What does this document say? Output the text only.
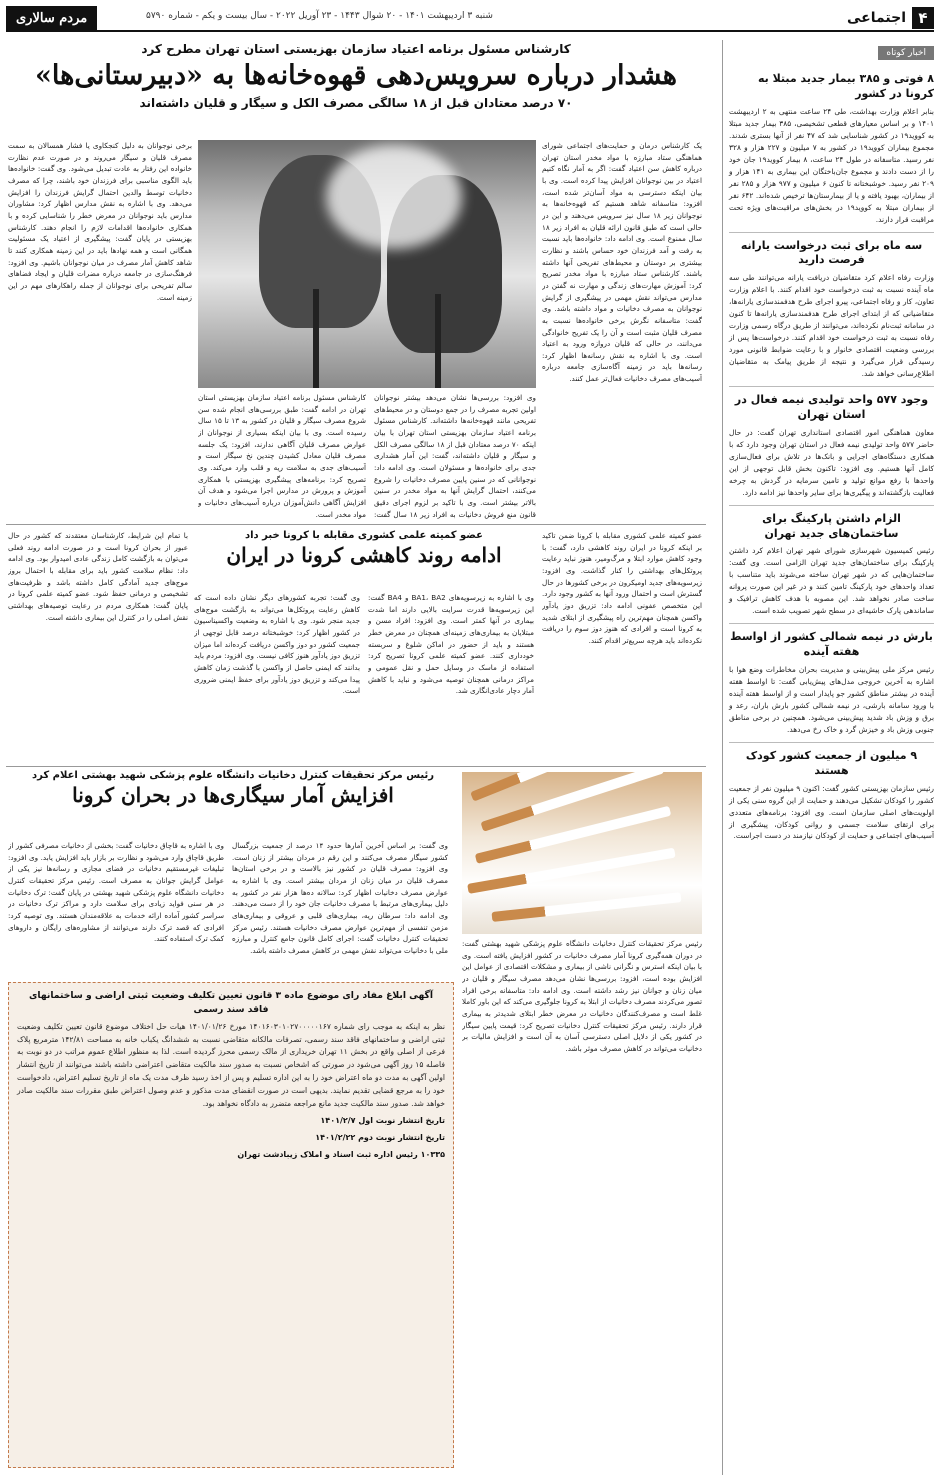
۴
اجتماعی
شنبه ۳ اردیبهشت ۱۴۰۱ - ۲۰ شوال ۱۴۴۳ - ۲۳ آوریل ۲۰۲۲ - سال بیست و یکم - شماره ۵۷۹۰
مردم سالاری
اخبار کوتاه
۸ فوتی و ۳۸۵ بیمار جدید مبتلا به کرونا در کشور

بنابر اعلام وزارت بهداشت، طی ۲۴ ساعت منتهی به ۲ اردیبهشت ۱۴۰۱ و بر اساس معیارهای قطعی تشخیصی، ۳۸۵ بیمار جدید مبتلا به کووید۱۹ در کشور شناسایی شد که ۴۷ نفر از آنها بستری شدند. مجموع بیماران کووید۱۹ در کشور به ۷ میلیون و ۲۲۷ هزار و ۳۲۸ نفر رسید. متاسفانه در طول ۲۴ ساعت، ۸ بیمار کووید۱۹ جان خود را از دست دادند و مجموع جان‌باختگان این بیماری به ۱۴۱ هزار و ۲۰۹ نفر رسید. خوشبختانه تا کنون ۶ میلیون و ۹۷۷ هزار و ۲۸۵ نفر از بیماران، بهبود یافته و یا از بیمارستان‌ها ترخیص شده‌اند. ۶۴۲ نفر از بیماران مبتلا به کووید۱۹ در بخش‌های مراقبت‌های ویژه تحت مراقبت قرار دارند.

سه ماه برای ثبت درخواست یارانه فرصت دارید

وزارت رفاه اعلام کرد متقاضیان دریافت یارانه می‌توانند طی سه ماه آینده نسبت به ثبت درخواست خود اقدام کنند. با اعلام وزارت تعاون، کار و رفاه اجتماعی، پیرو اجرای طرح هدفمندسازی یارانه‌ها، متقاضیانی که از ابتدای اجرای طرح هدفمندسازی یارانه‌ها تا کنون در سامانه ثبت‌نام نکرده‌اند، می‌توانند از طریق درگاه رسمی وزارت رفاه نسبت به ثبت درخواست خود اقدام کنند. درخواست‌ها پس از بررسی وضعیت اقتصادی خانوار و با رعایت ضوابط قانونی مورد رسیدگی قرار می‌گیرد و نتیجه از طریق پیامک به متقاضیان اطلاع‌رسانی خواهد شد.

وجود ۵۷۷ واحد تولیدی نیمه فعال در استان تهران

معاون هماهنگی امور اقتصادی استانداری تهران گفت: در حال حاضر ۵۷۷ واحد تولیدی نیمه فعال در استان تهران وجود دارد که با همکاری دستگاه‌های اجرایی و بانک‌ها در تلاش برای فعال‌سازی کامل آنها هستیم. وی افزود: تاکنون بخش قابل توجهی از این واحدها با رفع موانع تولید و تامین سرمایه در گردش به چرخه فعالیت بازگشته‌اند و پیگیری‌ها برای سایر واحدها نیز ادامه دارد.

الزام داشتن پارکینگ برای ساختمان‌های جدید تهران

رئیس کمیسیون شهرسازی شورای شهر تهران اعلام کرد داشتن پارکینگ برای ساختمان‌های جدید تهران الزامی است. وی گفت: ساختمان‌هایی که در شهر تهران ساخته می‌شوند باید متناسب با تعداد واحدهای خود پارکینگ تامین کنند و در غیر این صورت پروانه ساخت صادر نخواهد شد. این مصوبه با هدف کاهش ترافیک و ساماندهی پارک حاشیه‌ای در سطح شهر تصویب شده است.

بارش در نیمه شمالی کشور از اواسط هفته آینده

رئیس مرکز ملی پیش‌بینی و مدیریت بحران مخاطرات وضع هوا با اشاره به آخرین خروجی مدل‌های پیش‌یابی گفت: تا اواسط هفته آینده در بیشتر مناطق کشور جو پایدار است و از اواسط هفته آینده با ورود سامانه بارشی، در نیمه شمالی کشور بارش باران، رعد و برق و وزش باد شدید پیش‌بینی می‌شود. همچنین در برخی مناطق جنوبی وزش باد و خیزش گرد و خاک رخ می‌دهد.

۹ میلیون از جمعیت کشور کودک هستند

رئیس سازمان بهزیستی کشور گفت: اکنون ۹ میلیون نفر از جمعیت کشور را کودکان تشکیل می‌دهند و حمایت از این گروه سنی یکی از اولویت‌های اصلی سازمان است. وی افزود: برنامه‌های متعددی برای ارتقای سلامت جسمی و روانی کودکان، پیشگیری از آسیب‌های اجتماعی و حمایت از کودکان نیازمند در دست اجراست.

کارشناس مسئول برنامه اعتیاد سازمان بهزیستی استان تهران مطرح کرد
هشدار درباره سرویس‌دهی قهوه‌خانه‌ها به «دبیرستانی‌ها»
۷۰ درصد معتادان قبل از ۱۸ سالگی مصرف الکل و سیگار و قلیان داشته‌اند
یک کارشناس درمان و حمایت‌های اجتماعی شورای هماهنگی ستاد مبارزه با مواد مخدر استان تهران درباره کاهش سن اعتیاد گفت: اگر به آمار نگاه کنیم اعتیاد در بین نوجوانان افزایش پیدا کرده است. وی با بیان اینکه دسترسی به مواد آسان‌تر شده است، افزود: متاسفانه شاهد هستیم که قهوه‌خانه‌ها به نوجوانان زیر ۱۸ سال نیز سرویس می‌دهند و این در حالی است که طبق قانون ارائه قلیان به افراد زیر ۱۸ سال ممنوع است. وی ادامه داد: خانواده‌ها باید نسبت به رفت و آمد فرزندان خود حساس باشند و نظارت بیشتری بر دوستان و محیط‌های تفریحی آنها داشته باشند. کارشناس ستاد مبارزه با مواد مخدر تصریح کرد: آموزش مهارت‌های زندگی و مهارت نه گفتن در مدارس می‌تواند نقش مهمی در پیشگیری از گرایش نوجوانان به مصرف دخانیات و مواد داشته باشد. وی گفت: متاسفانه نگرش برخی خانواده‌ها نسبت به مصرف قلیان مثبت است و آن را یک تفریح خانوادگی می‌دانند، در حالی که قلیان دروازه ورود به اعتیاد است. وی با اشاره به نقش رسانه‌ها اظهار کرد: رسانه‌ها باید در زمینه آگاه‌سازی جامعه درباره آسیب‌های مصرف دخانیات فعال‌تر عمل کنند.
وی افزود: بررسی‌ها نشان می‌دهد بیشتر نوجوانان اولین تجربه مصرف را در جمع دوستان و در محیط‌های تفریحی مانند قهوه‌خانه‌ها داشته‌اند. کارشناس مسئول برنامه اعتیاد سازمان بهزیستی استان تهران با بیان اینکه ۷۰ درصد معتادان قبل از ۱۸ سالگی مصرف الکل و سیگار و قلیان داشته‌اند، گفت: این آمار هشداری جدی برای خانواده‌ها و مسئولان است. وی ادامه داد: نوجوانانی که در سنین پایین مصرف دخانیات را شروع می‌کنند، احتمال گرایش آنها به مواد مخدر در سنین بالاتر بیشتر است. وی با تاکید بر لزوم اجرای دقیق قانون منع فروش دخانیات به افراد زیر ۱۸ سال گفت:
کارشناس مسئول برنامه اعتیاد سازمان بهزیستی استان تهران در ادامه گفت: طبق بررسی‌های انجام شده سن شروع مصرف سیگار و قلیان در کشور به ۱۳ تا ۱۵ سال رسیده است. وی با بیان اینکه بسیاری از نوجوانان از عوارض مصرف قلیان آگاهی ندارند، افزود: یک جلسه مصرف قلیان معادل کشیدن چندین نخ سیگار است و آسیب‌های جدی به سلامت ریه و قلب وارد می‌کند. وی تصریح کرد: برنامه‌های پیشگیری بهزیستی با همکاری آموزش و پرورش در مدارس اجرا می‌شود و هدف آن افزایش آگاهی دانش‌آموزان درباره آسیب‌های دخانیات و مواد مخدر است.
برخی نوجوانان به دلیل کنجکاوی یا فشار همسالان به سمت مصرف قلیان و سیگار می‌روند و در صورت عدم نظارت خانواده این رفتار به عادت تبدیل می‌شود. وی گفت: خانواده‌ها باید الگوی مناسبی برای فرزندان خود باشند، چرا که مصرف دخانیات توسط والدین احتمال گرایش فرزندان را افزایش می‌دهد. وی با اشاره به نقش مدارس اظهار کرد: مشاوران مدارس باید نوجوانان در معرض خطر را شناسایی کرده و با همکاری خانواده‌ها اقدامات لازم را انجام دهند. کارشناس بهزیستی در پایان گفت: پیشگیری از اعتیاد یک مسئولیت همگانی است و همه نهادها باید در این زمینه همکاری کنند تا شاهد کاهش آمار مصرف در میان نوجوانان باشیم. وی افزود: فرهنگ‌سازی در جامعه درباره مضرات قلیان و ایجاد فضاهای سالم تفریحی برای نوجوانان از جمله راهکارهای مهم در این زمینه است.
عضو کمیته علمی کشوری مقابله با کرونا ضمن تاکید بر اینکه کرونا در ایران روند کاهشی دارد، گفت: با وجود کاهش موارد ابتلا و مرگ‌ومیر، هنوز نباید رعایت پروتکل‌های بهداشتی را کنار گذاشت. وی افزود: زیرسویه‌های جدید اومیکرون در برخی کشورها در حال گسترش است و احتمال ورود آنها به کشور وجود دارد. این متخصص عفونی ادامه داد: تزریق دوز یادآور واکسن همچنان مهم‌ترین راه پیشگیری از ابتلای شدید به کرونا است و افرادی که هنوز دوز سوم را دریافت نکرده‌اند باید هرچه سریع‌تر اقدام کنند.
عضو کمیته علمی کشوری مقابله با کرونا خبر داد
ادامه روند کاهشی کرونا در ایران
وی با اشاره به زیرسویه‌های BA1، BA2 و BA4 گفت: این زیرسویه‌ها قدرت سرایت بالایی دارند اما شدت بیماری در آنها کمتر است. وی افزود: افراد مسن و مبتلایان به بیماری‌های زمینه‌ای همچنان در معرض خطر هستند و باید از حضور در اماکن شلوغ و سربسته خودداری کنند. عضو کمیته علمی کرونا تصریح کرد: استفاده از ماسک در وسایل حمل و نقل عمومی و مراکز درمانی همچنان توصیه می‌شود و نباید با کاهش آمار دچار عادی‌انگاری شد.
وی گفت: تجربه کشورهای دیگر نشان داده است که کاهش رعایت پروتکل‌ها می‌تواند به بازگشت موج‌های جدید منجر شود. وی با اشاره به وضعیت واکسیناسیون در کشور اظهار کرد: خوشبختانه درصد قابل توجهی از جمعیت کشور دو دوز واکسن دریافت کرده‌اند اما میزان تزریق دوز یادآور هنوز کافی نیست. وی افزود: مردم باید بدانند که ایمنی حاصل از واکسن با گذشت زمان کاهش پیدا می‌کند و تزریق دوز یادآور برای حفظ ایمنی ضروری است.
با تمام این شرایط، کارشناسان معتقدند که کشور در حال عبور از بحران کرونا است و در صورت ادامه روند فعلی می‌توان به بازگشت کامل زندگی عادی امیدوار بود. وی ادامه داد: نظام سلامت کشور باید برای مقابله با احتمال بروز موج‌های جدید آمادگی کامل داشته باشد و ظرفیت‌های تشخیصی و درمانی حفظ شود. عضو کمیته علمی کرونا در پایان گفت: همکاری مردم در رعایت توصیه‌های بهداشتی نقش اصلی را در کنترل این بیماری داشته است.
رئیس مرکز تحقیقات کنترل دخانیات دانشگاه علوم پزشکی شهید بهشتی اعلام کرد
افزایش آمار سیگاری‌ها در بحران کرونا
وی با اشاره به قاچاق دخانیات گفت: بخشی از دخانیات مصرفی کشور از طریق قاچاق وارد می‌شود و نظارت بر بازار باید افزایش یابد. وی افزود: تبلیغات غیرمستقیم دخانیات در فضای مجازی و رسانه‌ها نیز یکی از عوامل گرایش جوانان به مصرف است. رئیس مرکز تحقیقات کنترل دخانیات دانشگاه علوم پزشکی شهید بهشتی در پایان گفت: ترک دخانیات در هر سنی فواید زیادی برای سلامت دارد و مراکز ترک دخانیات در سراسر کشور آماده ارائه خدمات به علاقه‌مندان هستند. وی توصیه کرد: افرادی که قصد ترک دارند می‌توانند از مشاوره‌های رایگان و داروهای کمک ترک استفاده کنند.
وی گفت: بر اساس آخرین آمارها حدود ۱۴ درصد از جمعیت بزرگسال کشور سیگار مصرف می‌کنند و این رقم در مردان بیشتر از زنان است. وی افزود: مصرف قلیان در کشور نیز بالاست و در برخی استان‌ها مصرف قلیان در میان زنان از مردان بیشتر است. وی با اشاره به عوارض مصرف دخانیات اظهار کرد: سالانه ده‌ها هزار نفر در کشور به دلیل بیماری‌های مرتبط با مصرف دخانیات جان خود را از دست می‌دهند. وی ادامه داد: سرطان ریه، بیماری‌های قلبی و عروقی و بیماری‌های مزمن تنفسی از مهم‌ترین عوارض مصرف دخانیات هستند. رئیس مرکز تحقیقات کنترل دخانیات گفت: اجرای کامل قانون جامع کنترل و مبارزه ملی با دخانیات می‌تواند نقش مهمی در کاهش مصرف داشته باشد.
رئیس مرکز تحقیقات کنترل دخانیات دانشگاه علوم پزشکی شهید بهشتی گفت: در دوران همه‌گیری کرونا آمار مصرف دخانیات در کشور افزایش یافته است. وی با بیان اینکه استرس و نگرانی ناشی از بیماری و مشکلات اقتصادی از عوامل این افزایش بوده است، افزود: بررسی‌ها نشان می‌دهد مصرف سیگار و قلیان در میان زنان و جوانان نیز رشد داشته است. وی ادامه داد: متاسفانه برخی افراد تصور می‌کردند مصرف دخانیات از ابتلا به کرونا جلوگیری می‌کند که این باور کاملا غلط است و مصرف‌کنندگان دخانیات در معرض خطر ابتلای شدیدتر به بیماری قرار دارند. رئیس مرکز تحقیقات کنترل دخانیات تصریح کرد: قیمت پایین سیگار در کشور یکی از دلایل اصلی دسترسی آسان به آن است و افزایش مالیات بر دخانیات می‌تواند در کاهش مصرف موثر باشد.
آگهی ابلاغ مفاد رای موضوع ماده ۳ قانون تعیین تکلیف وضعیت ثبتی اراضی و ساختمانهای فاقد سند رسمی
نظر به اینکه به موجب رای شماره ۱۴۰۱۶۰۳۰۱۰۲۷۰۰۰۰۰۱۶۷ مورخ ۱۴۰۱/۰۱/۲۶ هیات حل اختلاف موضوع قانون تعیین تکلیف وضعیت ثبتی اراضی و ساختمانهای فاقد سند رسمی، تصرفات مالکانه متقاضی نسبت به ششدانگ یکباب خانه به مساحت ۱۴۲/۸۱ مترمربع پلاک فرعی از اصلی واقع در بخش ۱۱ تهران خریداری از مالک رسمی محرز گردیده است. لذا به منظور اطلاع عموم مراتب در دو نوبت به فاصله ۱۵ روز آگهی می‌شود در صورتی که اشخاص نسبت به صدور سند مالکیت متقاضی اعتراضی داشته باشند می‌توانند از تاریخ انتشار اولین آگهی به مدت دو ماه اعتراض خود را به این اداره تسلیم و پس از اخذ رسید ظرف مدت یک ماه از تاریخ تسلیم اعتراض، دادخواست خود را به مرجع قضایی تقدیم نمایند. بدیهی است در صورت انقضای مدت مذکور و عدم وصول اعتراض طبق مقررات سند مالکیت صادر خواهد شد. صدور سند مالکیت جدید مانع مراجعه متضرر به دادگاه نخواهد بود.
تاریخ انتشار نوبت اول ۱۴۰۱/۲/۷
تاریخ انتشار نوبت دوم ۱۴۰۱/۲/۲۲
۱۰۳۳۵ رئیس اداره ثبت اسناد و املاک زیبادشت تهران
